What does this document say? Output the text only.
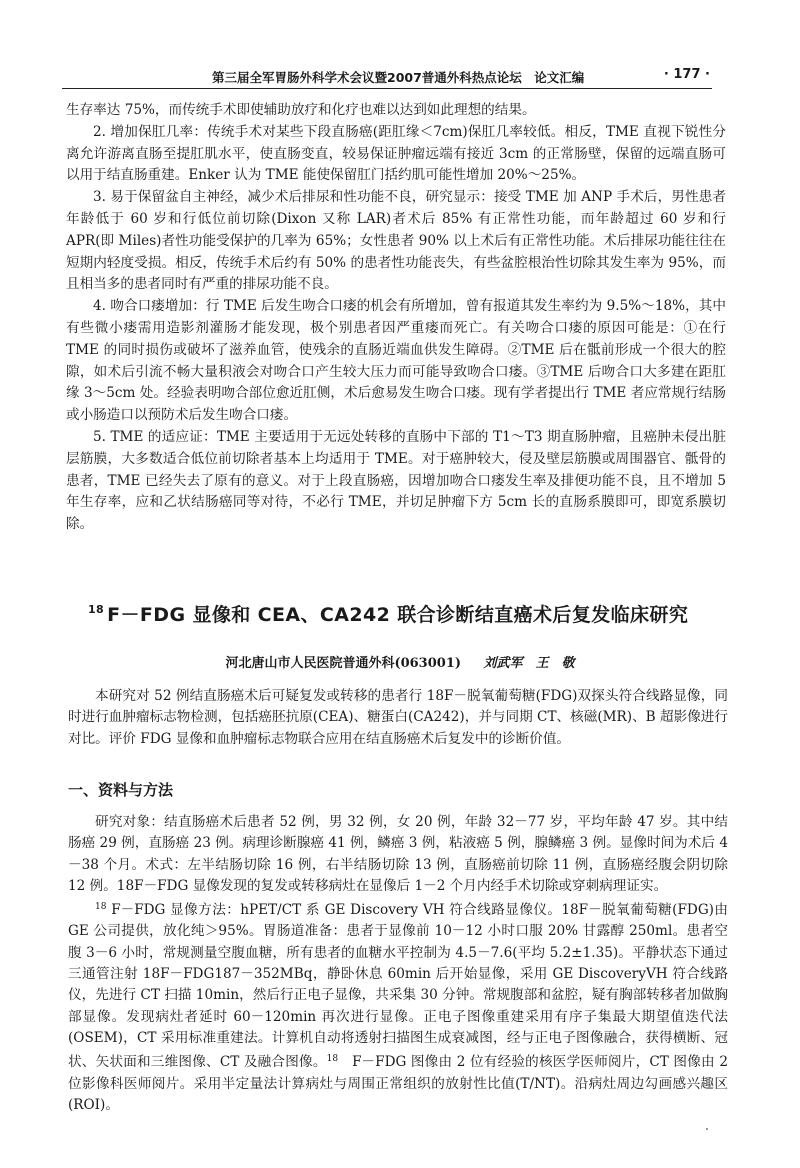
第三届全军胃肠外科学术会议暨2007普通外科热点论坛　论文汇编	· 177 ·

生存率达 75%，而传统手术即使辅助放疗和化疗也难以达到如此理想的结果。

2. 增加保肛几率：传统手术对某些下段直肠癌(距肛缘＜7cm)保肛几率较低。相反，TME 直视下锐性分离允许游离直肠至提肛肌水平，使直肠变直，较易保证肿瘤远端有接近 3cm 的正常肠壁，保留的远端直肠可以用于结直肠重建。Enker 认为 TME 能使保留肛门括约肌可能性增加 20%～25%。

3. 易于保留盆自主神经，减少术后排尿和性功能不良，研究显示：接受 TME 加 ANP 手术后，男性患者年龄低于 60 岁和行低位前切除(Dixon 又称 LAR)者术后 85% 有正常性功能，而年龄超过 60 岁和行 APR(即 Miles)者性功能受保护的几率为 65%；女性患者 90% 以上术后有正常性功能。术后排尿功能往往在短期内轻度受损。相反，传统手术后约有 50% 的患者性功能丧失，有些盆腔根治性切除其发生率为 95%，而且相当多的患者同时有严重的排尿功能不良。

4. 吻合口瘘增加：行 TME 后发生吻合口瘘的机会有所增加，曾有报道其发生率约为 9.5%～18%，其中有些微小瘘需用造影剂灌肠才能发现，极个别患者因严重瘘而死亡。有关吻合口瘘的原因可能是：①在行 TME 的同时损伤或破坏了滋养血管，使残余的直肠近端血供发生障碍。②TME 后在骶前形成一个很大的腔隙，如术后引流不畅大量积液会对吻合口产生较大压力而可能导致吻合口瘘。③TME 后吻合口大多建在距肛缘 3～5cm 处。经验表明吻合部位愈近肛侧，术后愈易发生吻合口瘘。现有学者提出行 TME 者应常规行结肠或小肠造口以预防术后发生吻合口瘘。

5. TME 的适应证：TME 主要适用于无远处转移的直肠中下部的 T1～T3 期直肠肿瘤，且癌肿未侵出脏层筋膜，大多数适合低位前切除者基本上均适用于 TME。对于癌肿较大，侵及壁层筋膜或周围器官、骶骨的患者，TME 已经失去了原有的意义。对于上段直肠癌，因增加吻合口瘘发生率及排便功能不良，且不增加 5 年生存率，应和乙状结肠癌同等对待，不必行 TME，并切足肿瘤下方 5cm 长的直肠系膜即可，即宽系膜切除。

$^{18}$ F－FDG 显像和 CEA、CA242 联合诊断结直癌术后复发临床研究
河北唐山市人民医院普通外科(063001) 刘武军　王　敬

本研究对 52 例结直肠癌术后可疑复发或转移的患者行 18F－脱氧葡萄糖(FDG)双探头符合线路显像，同时进行血肿瘤标志物检测，包括癌胚抗原(CEA)、糖蛋白(CA242)，并与同期 CT、核磁(MR)、B 超影像进行对比。评价 FDG 显像和血肿瘤标志物联合应用在结直肠癌术后复发中的诊断价值。

一、资料与方法

研究对象：结直肠癌术后患者 52 例，男 32 例，女 20 例，年龄 32－77 岁，平均年龄 47 岁。其中结肠癌 29 例，直肠癌 23 例。病理诊断腺癌 41 例，鳞癌 3 例，粘液癌 5 例，腺鳞癌 3 例。显像时间为术后 4－38 个月。术式：左半结肠切除 16 例，右半结肠切除 13 例，直肠癌前切除 11 例，直肠癌经腹会阴切除 12 例。18F－FDG 显像发现的复发或转移病灶在显像后 1－2 个月内经手术切除或穿刺病理证实。

$^{18}$ F－FDG 显像方法：hPET/CT 系 GE Discovery VH 符合线路显像仪。18F－脱氧葡萄糖(FDG)由 GE 公司提供，放化纯＞95%。胃肠道准备：患者于显像前 10－12 小时口服 20% 甘露醇 250ml。患者空腹 3－6 小时，常规测量空腹血糖，所有患者的血糖水平控制为 4.5－7.6(平均 5.2±1.35)。平静状态下通过三通管注射 18F－FDG187－352MBq，静卧休息 60min 后开始显像，采用 GE DiscoveryVH 符合线路仪，先进行 CT 扫描 10min，然后行正电子显像，共采集 30 分钟。常规腹部和盆腔，疑有胸部转移者加做胸部显像。发现病灶者延时 60－120min 再次进行显像。正电子图像重建采用有序子集最大期望值迭代法(OSEM)，CT 采用标准重建法。计算机自动将透射扫描图生成衰减图，经与正电子图像融合，获得横断、冠状、矢状面和三维图像、CT 及融合图像。$^{18}$　F－FDG 图像由 2 位有经验的核医学医师阅片，CT 图像由 2 位影像科医师阅片。采用半定量法计算病灶与周围正常组织的放射性比值(T/NT)。沿病灶周边勾画感兴趣区(ROI)。
